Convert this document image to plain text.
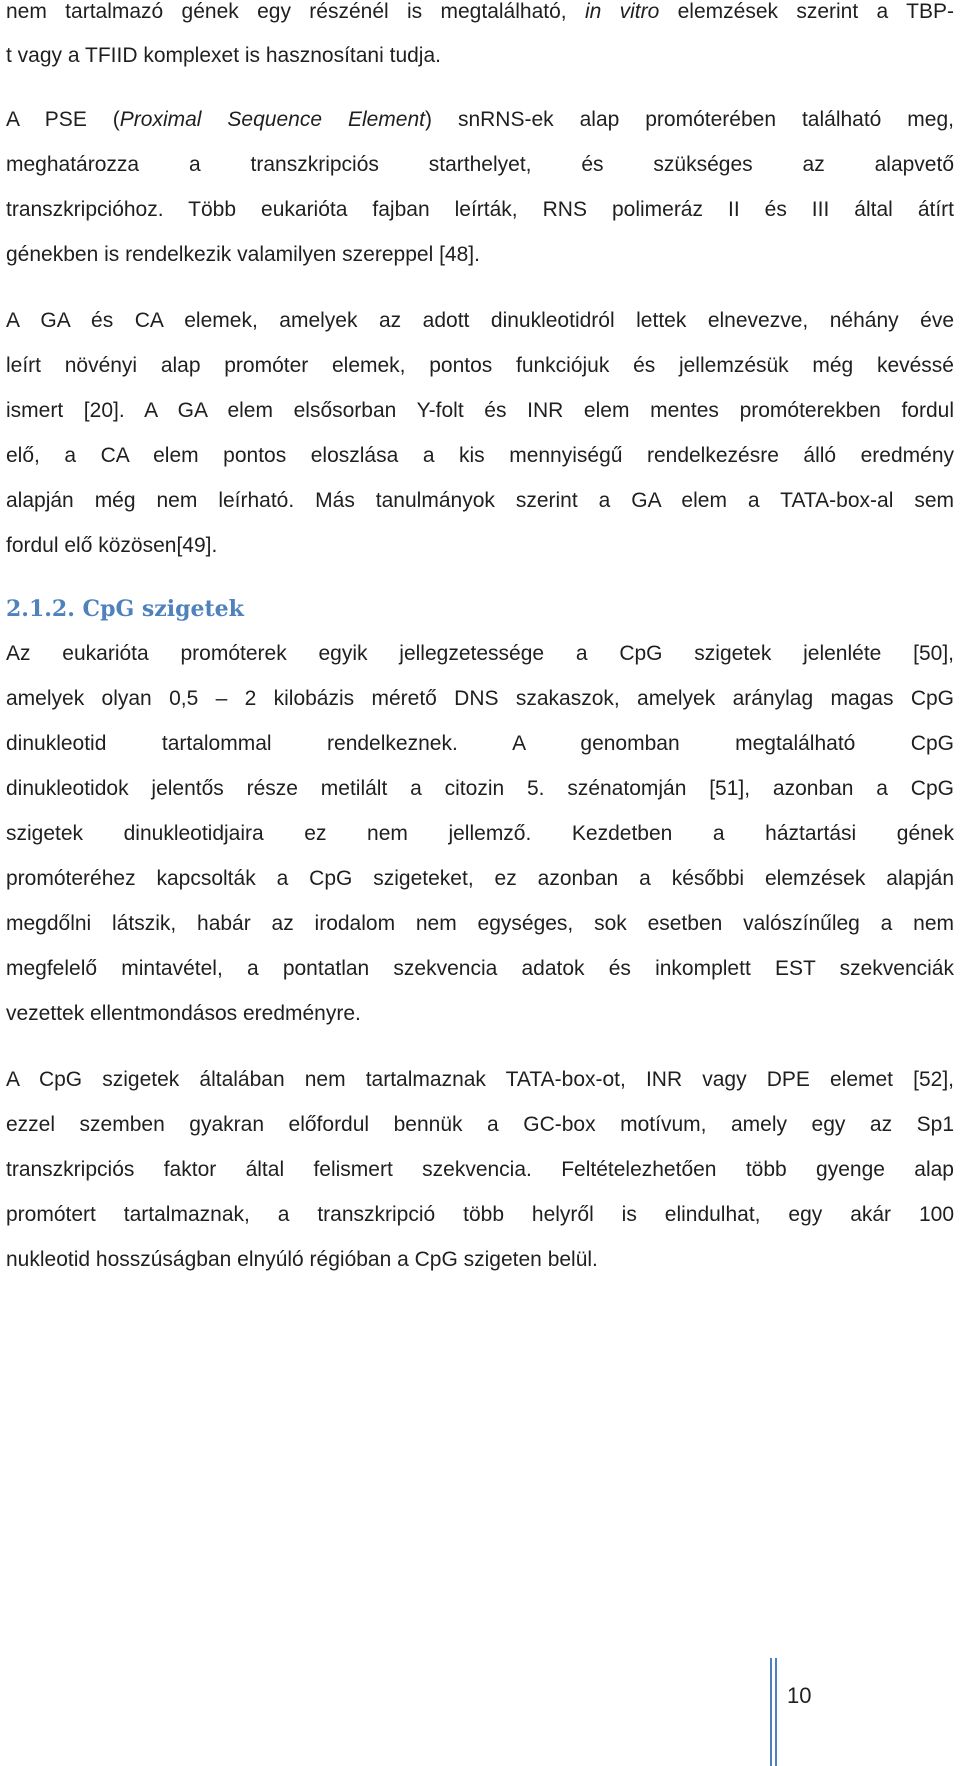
nem tartalmazó gének egy részénél is megtalálható, in vitro elemzések szerint a TBP-
t vagy a TFIID komplexet is hasznosítani tudja.
A PSE (Proximal Sequence Element) snRNS-ek alap promóterében található meg,
meghatározza a transzkripciós starthelyet, és szükséges az alapvető
transzkripcióhoz. Több eukarióta fajban leírták, RNS polimeráz II és III által átírt
génekben is rendelkezik valamilyen szereppel [48].
A GA és CA elemek, amelyek az adott dinukleotidról lettek elnevezve, néhány éve
leírt növényi alap promóter elemek, pontos funkciójuk és jellemzésük még kevéssé
ismert [20]. A GA elem elsősorban Y-folt és INR elem mentes promóterekben fordul
elő, a CA elem pontos eloszlása a kis mennyiségű rendelkezésre álló eredmény
alapján még nem leírható. Más tanulmányok szerint a GA elem a TATA-box-al sem
fordul elő közösen[49].
2.1.2. CpG szigetek
Az eukarióta promóterek egyik jellegzetessége a CpG szigetek jelenléte [50],
amelyek olyan 0,5 – 2 kilobázis mérető DNS szakaszok, amelyek aránylag magas CpG
dinukleotid tartalommal rendelkeznek. A genomban megtalálható CpG
dinukleotidok jelentős része metilált a citozin 5. szénatomján [51], azonban a CpG
szigetek dinukleotidjaira ez nem jellemző. Kezdetben a háztartási gének
promóteréhez kapcsolták a CpG szigeteket, ez azonban a későbbi elemzések alapján
megdőlni látszik, habár az irodalom nem egységes, sok esetben valószínűleg a nem
megfelelő mintavétel, a pontatlan szekvencia adatok és inkomplett EST szekvenciák
vezettek ellentmondásos eredményre.
A CpG szigetek általában nem tartalmaznak TATA-box-ot, INR vagy DPE elemet [52],
ezzel szemben gyakran előfordul bennük a GC-box motívum, amely egy az Sp1
transzkripciós faktor által felismert szekvencia. Feltételezhetően több gyenge alap
promótert tartalmaznak, a transzkripció több helyről is elindulhat, egy akár 100
nukleotid hosszúságban elnyúló régióban a CpG szigeten belül.
10
